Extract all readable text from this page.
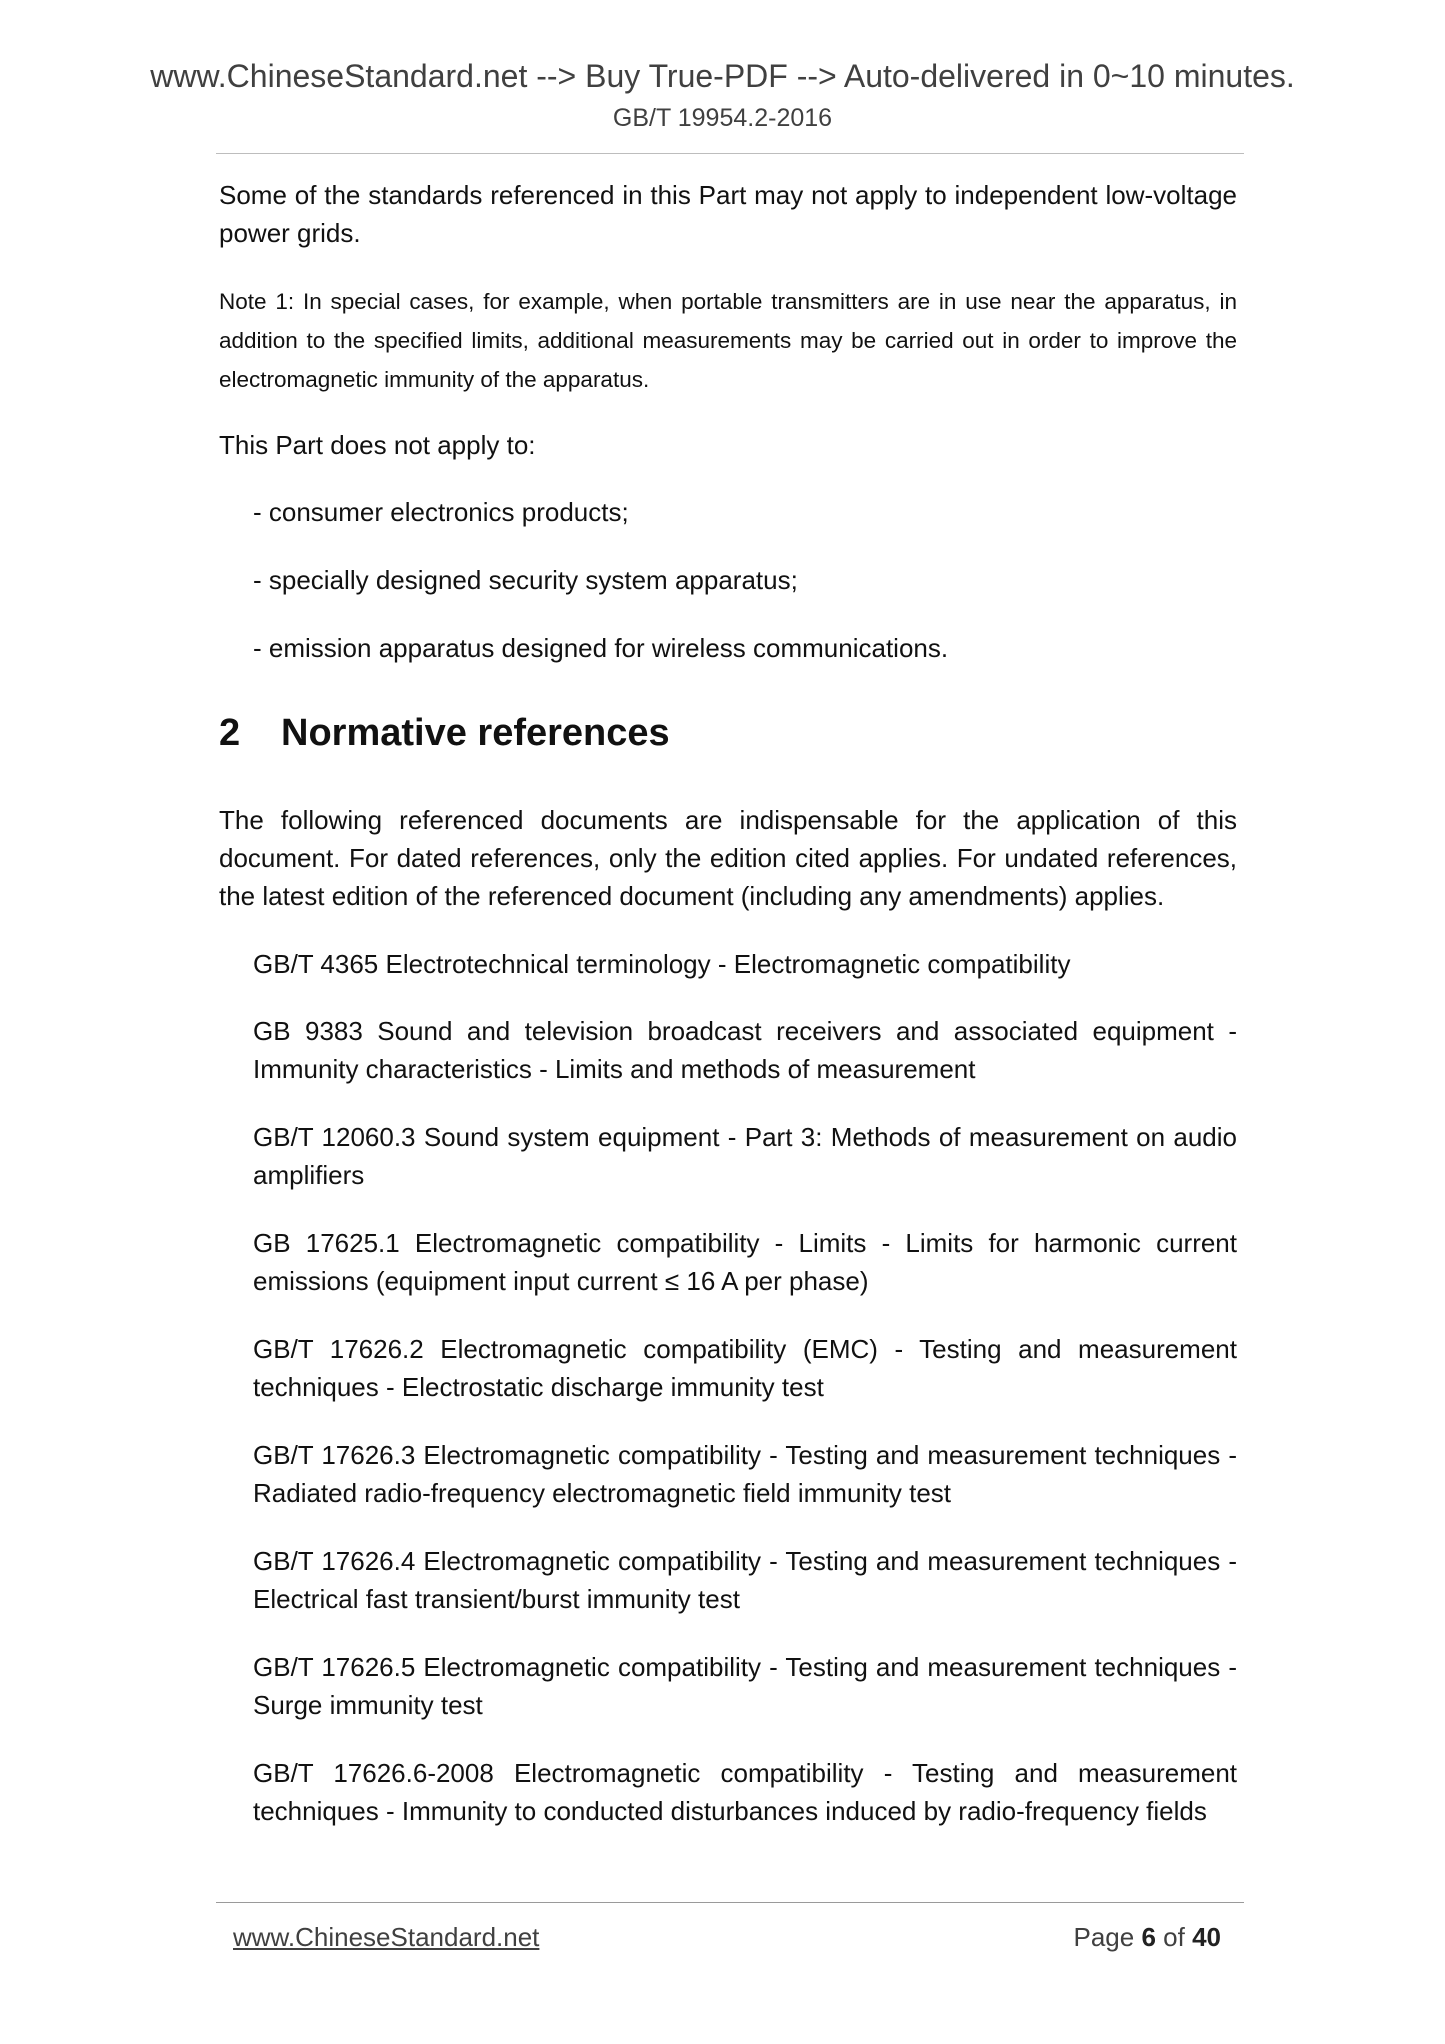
www.ChineseStandard.net --> Buy True-PDF --> Auto-delivered in 0~10 minutes.
GB/T 19954.2-2016

Some of the standards referenced in this Part may not apply to independent low-voltage power grids.

Note 1: In special cases, for example, when portable transmitters are in use near the apparatus, in addition to the specified limits, additional measurements may be carried out in order to improve the electromagnetic immunity of the apparatus.

This Part does not apply to:

- consumer electronics products;

- specially designed security system apparatus;

- emission apparatus designed for wireless communications.

2 Normative references

The following referenced documents are indispensable for the application of this document. For dated references, only the edition cited applies. For undated references, the latest edition of the referenced document (including any amendments) applies.

GB/T 4365 Electrotechnical terminology - Electromagnetic compatibility

GB 9383 Sound and television broadcast receivers and associated equipment - Immunity characteristics - Limits and methods of measurement

GB/T 12060.3 Sound system equipment - Part 3: Methods of measurement on audio amplifiers

GB 17625.1 Electromagnetic compatibility - Limits - Limits for harmonic current emissions (equipment input current ≤ 16 A per phase)

GB/T 17626.2 Electromagnetic compatibility (EMC) - Testing and measurement techniques - Electrostatic discharge immunity test

GB/T 17626.3 Electromagnetic compatibility - Testing and measurement techniques - Radiated radio-frequency electromagnetic field immunity test

GB/T 17626.4 Electromagnetic compatibility - Testing and measurement techniques - Electrical fast transient/burst immunity test

GB/T 17626.5 Electromagnetic compatibility - Testing and measurement techniques - Surge immunity test

GB/T 17626.6-2008 Electromagnetic compatibility - Testing and measurement techniques - Immunity to conducted disturbances induced by radio-frequency fields

www.ChineseStandard.net	Page 6 of 40
